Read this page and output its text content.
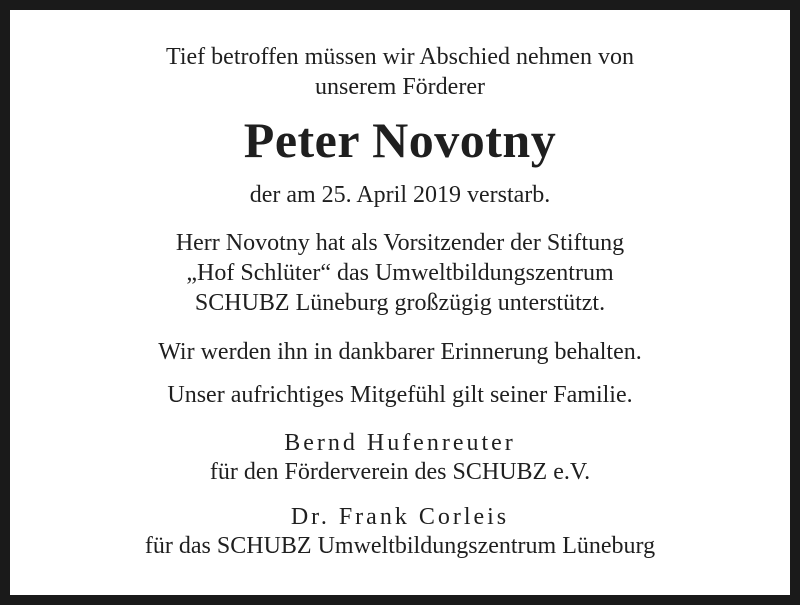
Tief betroffen müssen wir Abschied nehmen von
unserem Förderer
Peter Novotny
der am 25. April 2019 verstarb.
Herr Novotny hat als Vorsitzender der Stiftung
„Hof Schlüter“ das Umweltbildungszentrum
SCHUBZ Lüneburg großzügig unterstützt.
Wir werden ihn in dankbarer Erinnerung behalten.
Unser aufrichtiges Mitgefühl gilt seiner Familie.
Bernd Hufenreuter
für den Förderverein des SCHUBZ e.V.
Dr. Frank Corleis
für das SCHUBZ Umweltbildungszentrum Lüneburg
